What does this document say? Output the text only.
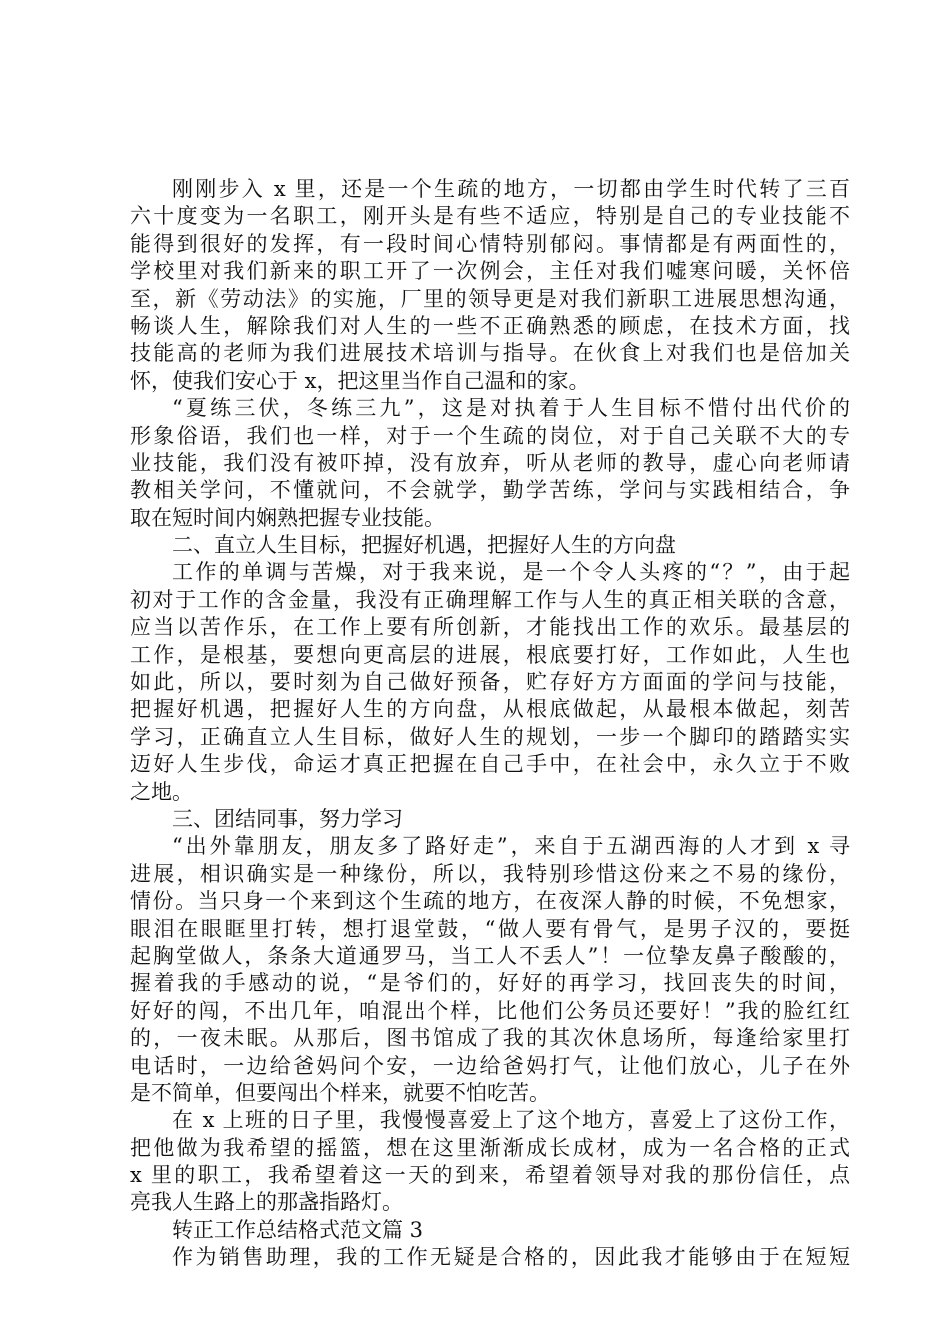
刚刚步入 x 里，还是一个生疏的地方，一切都由学生时代转了三百
六十度变为一名职工，刚开头是有些不适应，特别是自己的专业技能不
能得到很好的发挥，有一段时间心情特别郁闷。事情都是有两面性的，
学校里对我们新来的职工开了一次例会，主任对我们嘘寒问暖，关怀倍
至，新《劳动法》的实施，厂里的领导更是对我们新职工进展思想沟通，
畅谈人生，解除我们对人生的一些不正确熟悉的顾虑，在技术方面，找
技能高的老师为我们进展技术培训与指导。在伙食上对我们也是倍加关
怀，使我们安心于 x，把这里当作自己温和的家。
“夏练三伏，冬练三九”，这是对执着于人生目标不惜付出代价的
形象俗语，我们也一样，对于一个生疏的岗位，对于自己关联不大的专
业技能，我们没有被吓掉，没有放弃，听从老师的教导，虚心向老师请
教相关学问，不懂就问，不会就学，勤学苦练，学问与实践相结合，争
取在短时间内娴熟把握专业技能。
二、直立人生目标，把握好机遇，把握好人生的方向盘
工作的单调与苦燥，对于我来说，是一个令人头疼的“？”，由于起
初对于工作的含金量，我没有正确理解工作与人生的真正相关联的含意，
应当以苦作乐，在工作上要有所创新，才能找出工作的欢乐。最基层的
工作，是根基，要想向更高层的进展，根底要打好，工作如此，人生也
如此，所以，要时刻为自己做好预备，贮存好方方面面的学问与技能，
把握好机遇，把握好人生的方向盘，从根底做起，从最根本做起，刻苦
学习，正确直立人生目标，做好人生的规划，一步一个脚印的踏踏实实
迈好人生步伐，命运才真正把握在自己手中，在社会中，永久立于不败
之地。
三、团结同事，努力学习
“出外靠朋友，朋友多了路好走”，来自于五湖西海的人才到 x 寻
进展，相识确实是一种缘份，所以，我特别珍惜这份来之不易的缘份，
情份。当只身一个来到这个生疏的地方，在夜深人静的时候，不免想家，
眼泪在眼眶里打转，想打退堂鼓，“做人要有骨气，是男子汉的，要挺
起胸堂做人，条条大道通罗马，当工人不丢人”！一位挚友鼻子酸酸的，
握着我的手感动的说，“是爷们的，好好的再学习，找回丧失的时间，
好好的闯，不出几年，咱混出个样，比他们公务员还要好！”我的脸红红
的，一夜未眠。从那后，图书馆成了我的其次休息场所，每逢给家里打
电话时，一边给爸妈问个安，一边给爸妈打气，让他们放心，儿子在外
是不简单，但要闯出个样来，就要不怕吃苦。
在 x 上班的日子里，我慢慢喜爱上了这个地方，喜爱上了这份工作，
把他做为我希望的摇篮，想在这里渐渐成长成材，成为一名合格的正式
x 里的职工，我希望着这一天的到来，希望着领导对我的那份信任，点
亮我人生路上的那盏指路灯。
转正工作总结格式范文篇 3
作为销售助理，我的工作无疑是合格的，因此我才能够由于在短短
